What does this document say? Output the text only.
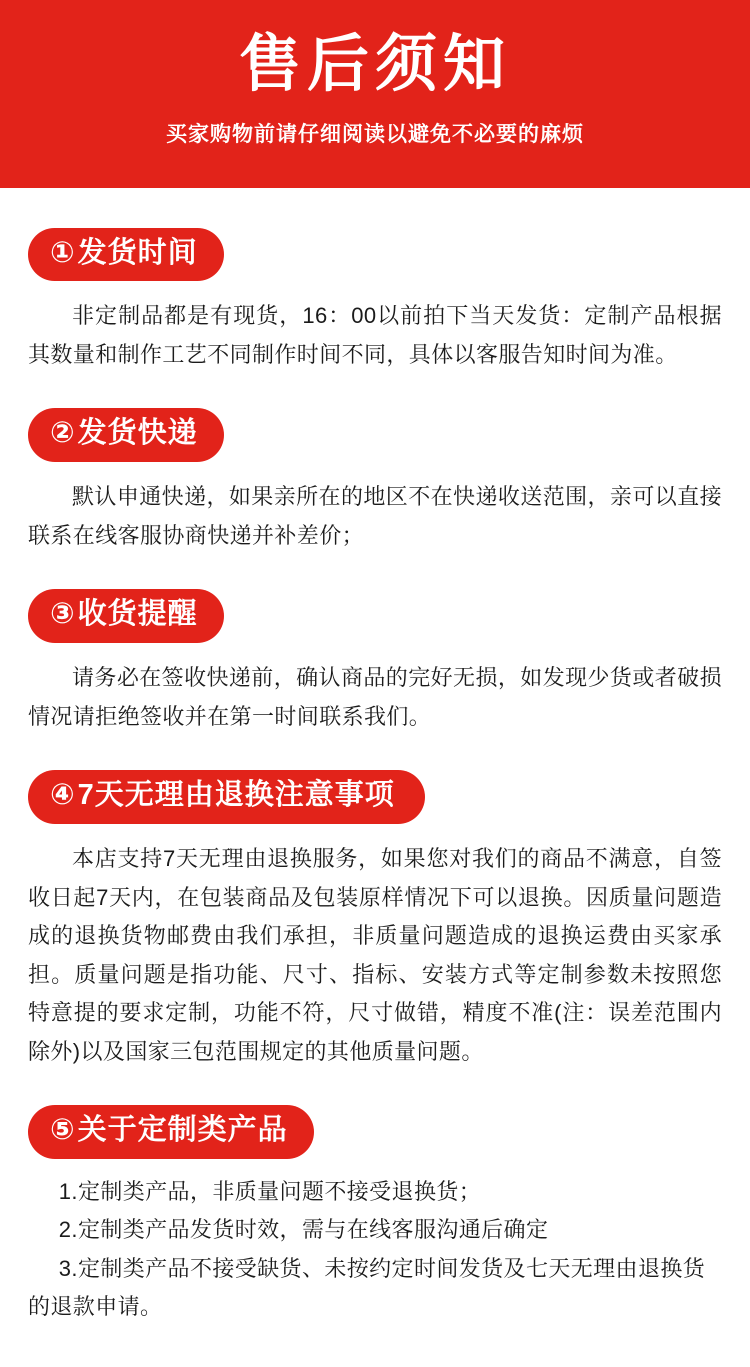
售后须知
买家购物前请仔细阅读以避免不必要的麻烦
①发货时间

非定制品都是有现货，16：00以前拍下当天发货：定制产品根据其数量和制作工艺不同制作时间不同，具体以客服告知时间为准。

②发货快递

默认申通快递，如果亲所在的地区不在快递收送范围，亲可以直接联系在线客服协商快递并补差价；

③收货提醒

请务必在签收快递前，确认商品的完好无损，如发现少货或者破损情况请拒绝签收并在第一时间联系我们。

④7天无理由退换注意事项

本店支持7天无理由退换服务，如果您对我们的商品不满意，自签收日起7天内，在包装商品及包装原样情况下可以退换。因质量问题造成的退换货物邮费由我们承担，非质量问题造成的退换运费由买家承担。质量问题是指功能、尺寸、指标、安装方式等定制参数未按照您特意提的要求定制，功能不符，尺寸做错，精度不准(注：误差范围内除外)以及国家三包范围规定的其他质量问题。

⑤关于定制类产品
1.定制类产品，非质量问题不接受退换货；
2.定制类产品发货时效，需与在线客服沟通后确定
3.定制类产品不接受缺货、未按约定时间发货及七天无理由退换货的退款申请。
